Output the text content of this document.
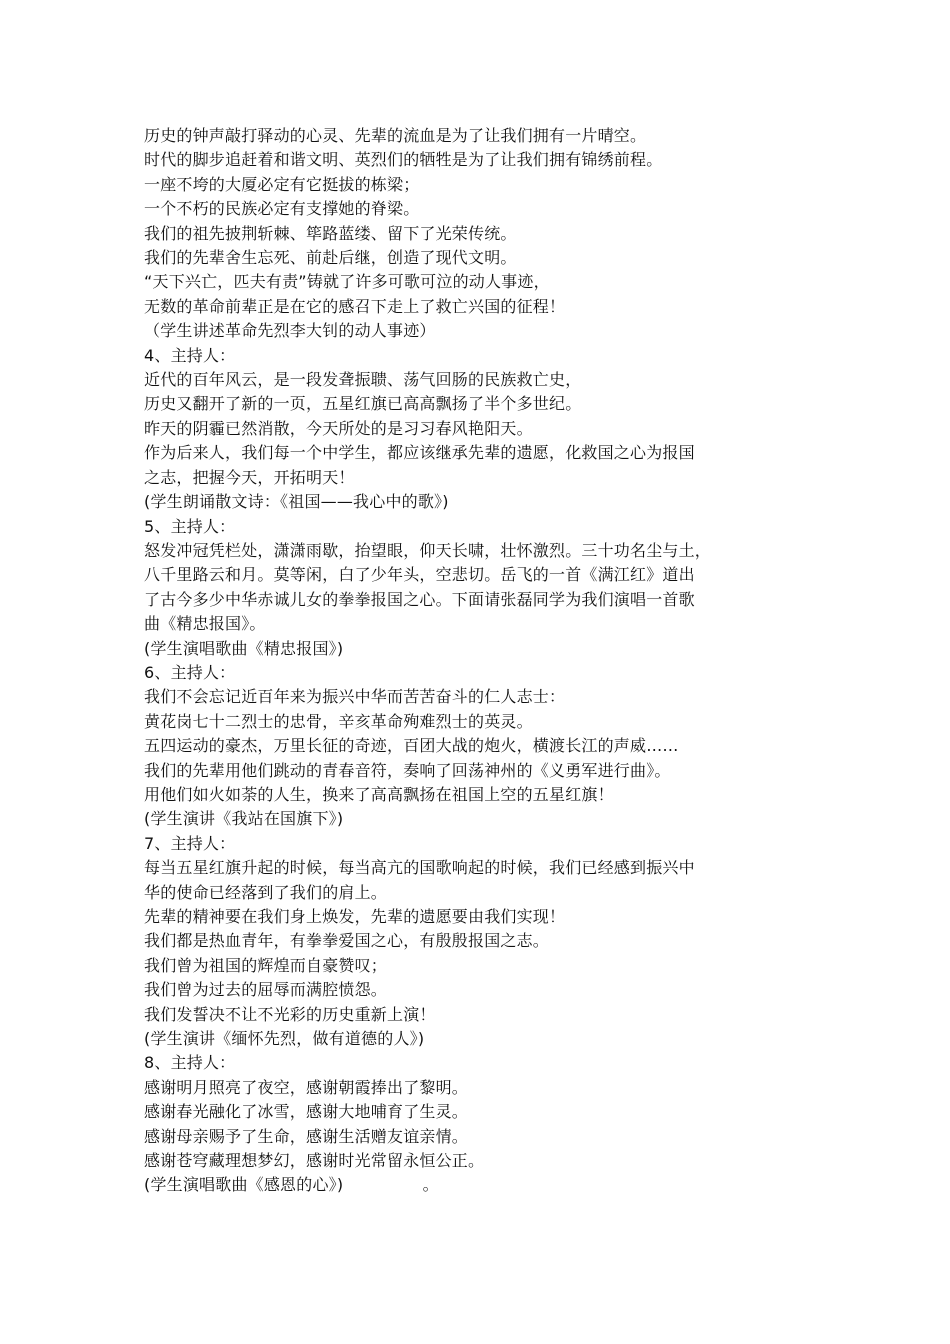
历史的钟声敲打驿动的心灵、先辈的流血是为了让我们拥有一片晴空。
时代的脚步追赶着和谐文明、英烈们的牺牲是为了让我们拥有锦绣前程。
一座不垮的大厦必定有它挺拔的栋梁；
一个不朽的民族必定有支撑她的脊梁。
我们的祖先披荆斩棘、筚路蓝缕、留下了光荣传统。
我们的先辈舍生忘死、前赴后继，创造了现代文明。
“天下兴亡，匹夫有责”铸就了许多可歌可泣的动人事迹，
无数的革命前辈正是在它的感召下走上了救亡兴国的征程！
（学生讲述革命先烈李大钊的动人事迹）
4、主持人：
近代的百年风云，是一段发聋振聩、荡气回肠的民族救亡史，
历史又翻开了新的一页，五星红旗已高高飘扬了半个多世纪。
昨天的阴霾已然消散，今天所处的是习习春风艳阳天。
作为后来人，我们每一个中学生，都应该继承先辈的遗愿，化救国之心为报国
之志，把握今天，开拓明天！
(学生朗诵散文诗：《祖国——我心中的歌》)
5、主持人：
怒发冲冠凭栏处，潇潇雨歇，抬望眼，仰天长啸，壮怀激烈。三十功名尘与土，
八千里路云和月。莫等闲，白了少年头，空悲切。岳飞的一首《满江红》道出
了古今多少中华赤诚儿女的拳拳报国之心。下面请张磊同学为我们演唱一首歌
曲《精忠报国》。
(学生演唱歌曲《精忠报国》)
6、主持人：
我们不会忘记近百年来为振兴中华而苦苦奋斗的仁人志士：
黄花岗七十二烈士的忠骨，辛亥革命殉难烈士的英灵。
五四运动的豪杰，万里长征的奇迹，百团大战的炮火，横渡长江的声威……
我们的先辈用他们跳动的青春音符，奏响了回荡神州的《义勇军进行曲》。
用他们如火如荼的人生，换来了高高飘扬在祖国上空的五星红旗！
(学生演讲《我站在国旗下》)
7、主持人：
每当五星红旗升起的时候，每当高亢的国歌响起的时候，我们已经感到振兴中
华的使命已经落到了我们的肩上。
先辈的精神要在我们身上焕发，先辈的遗愿要由我们实现！
我们都是热血青年，有拳拳爱国之心，有殷殷报国之志。
我们曾为祖国的辉煌而自豪赞叹；
我们曾为过去的屈辱而满腔愤怨。
我们发誓决不让不光彩的历史重新上演！
(学生演讲《缅怀先烈，做有道德的人》)
8、主持人：
感谢明月照亮了夜空，感谢朝霞捧出了黎明。
感谢春光融化了冰雪，感谢大地哺育了生灵。
感谢母亲赐予了生命，感谢生活赠友谊亲情。
感谢苍穹藏理想梦幻，感谢时光常留永恒公正。
(学生演唱歌曲《感恩的心》)               。
